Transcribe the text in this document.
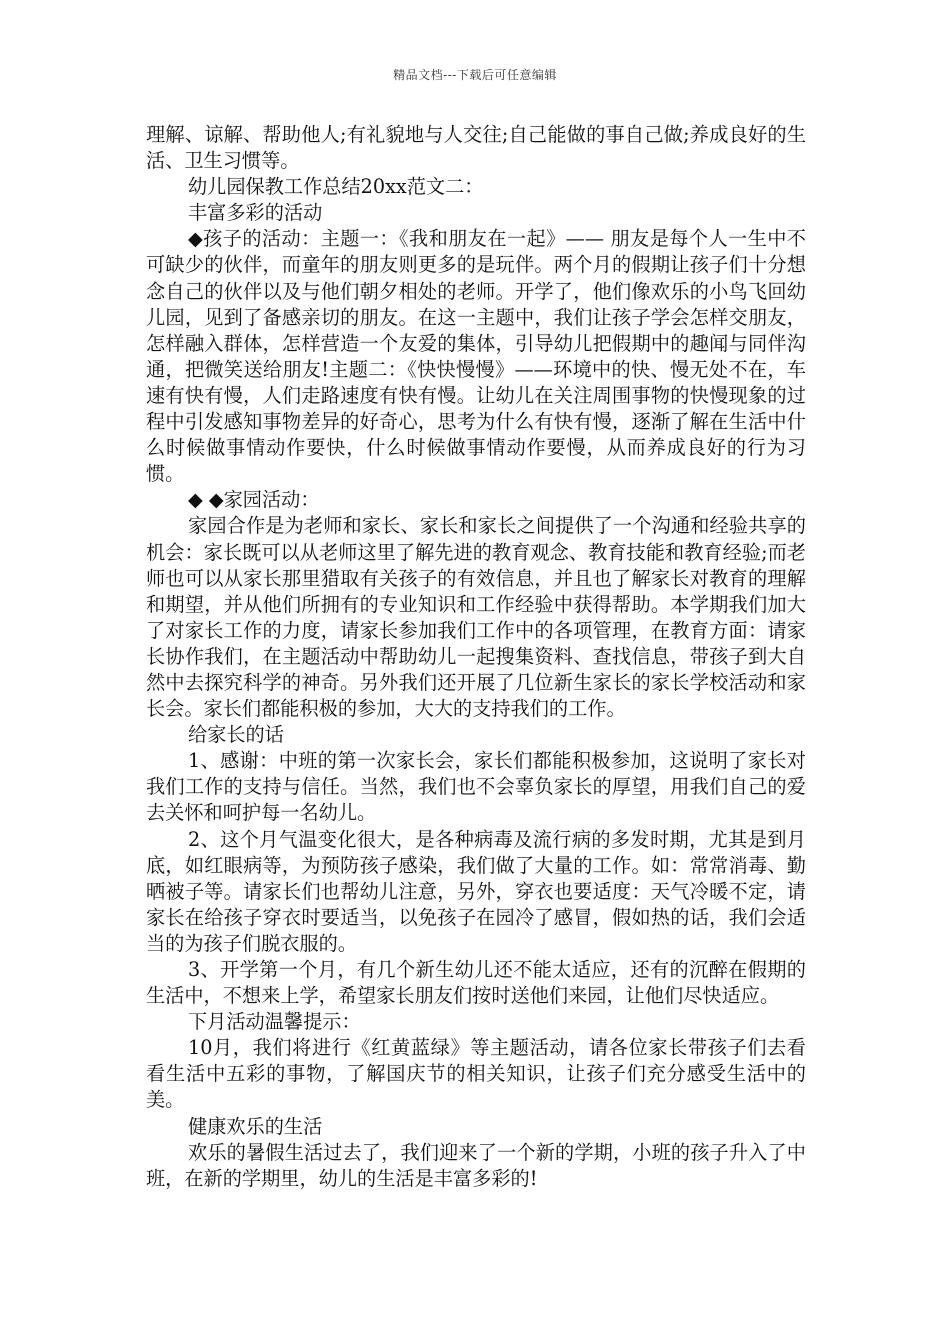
精品文档---下载后可任意编辑

理解、谅解、帮助他人;有礼貌地与人交往;自己能做的事自己做;养成良好的生活、卫生习惯等。

幼儿园保教工作总结20xx范文二：

丰富多彩的活动

◆孩子的活动：主题一：《我和朋友在一起》—— 朋友是每个人一生中不可缺少的伙伴，而童年的朋友则更多的是玩伴。两个月的假期让孩子们十分想念自己的伙伴以及与他们朝夕相处的老师。开学了，他们像欢乐的小鸟飞回幼儿园，见到了备感亲切的朋友。在这一主题中，我们让孩子学会怎样交朋友，怎样融入群体，怎样营造一个友爱的集体，引导幼儿把假期中的趣闻与同伴沟通，把微笑送给朋友!主题二：《快快慢慢》——环境中的快、慢无处不在，车速有快有慢，人们走路速度有快有慢。让幼儿在关注周围事物的快慢现象的过程中引发感知事物差异的好奇心，思考为什么有快有慢，逐渐了解在生活中什么时候做事情动作要快，什么时候做事情动作要慢，从而养成良好的行为习惯。

◆ ◆家园活动：

家园合作是为老师和家长、家长和家长之间提供了一个沟通和经验共享的机会：家长既可以从老师这里了解先进的教育观念、教育技能和教育经验;而老师也可以从家长那里猎取有关孩子的有效信息，并且也了解家长对教育的理解和期望，并从他们所拥有的专业知识和工作经验中获得帮助。本学期我们加大了对家长工作的力度，请家长参加我们工作中的各项管理，在教育方面：请家长协作我们，在主题活动中帮助幼儿一起搜集资料、查找信息，带孩子到大自然中去探究科学的神奇。另外我们还开展了几位新生家长的家长学校活动和家长会。家长们都能积极的参加，大大的支持我们的工作。

给家长的话

1、感谢：中班的第一次家长会，家长们都能积极参加，这说明了家长对我们工作的支持与信任。当然，我们也不会辜负家长的厚望，用我们自己的爱去关怀和呵护每一名幼儿。

2、这个月气温变化很大，是各种病毒及流行病的多发时期，尤其是到月底，如红眼病等，为预防孩子感染，我们做了大量的工作。如：常常消毒、勤晒被子等。请家长们也帮幼儿注意，另外，穿衣也要适度：天气冷暖不定，请家长在给孩子穿衣时要适当，以免孩子在园冷了感冒，假如热的话，我们会适当的为孩子们脱衣服的。

3、开学第一个月，有几个新生幼儿还不能太适应，还有的沉醉在假期的生活中，不想来上学，希望家长朋友们按时送他们来园，让他们尽快适应。

下月活动温馨提示：

10月，我们将进行《红黄蓝绿》等主题活动，请各位家长带孩子们去看看生活中五彩的事物，了解国庆节的相关知识，让孩子们充分感受生活中的美。

健康欢乐的生活

欢乐的暑假生活过去了，我们迎来了一个新的学期，小班的孩子升入了中班，在新的学期里，幼儿的生活是丰富多彩的!
